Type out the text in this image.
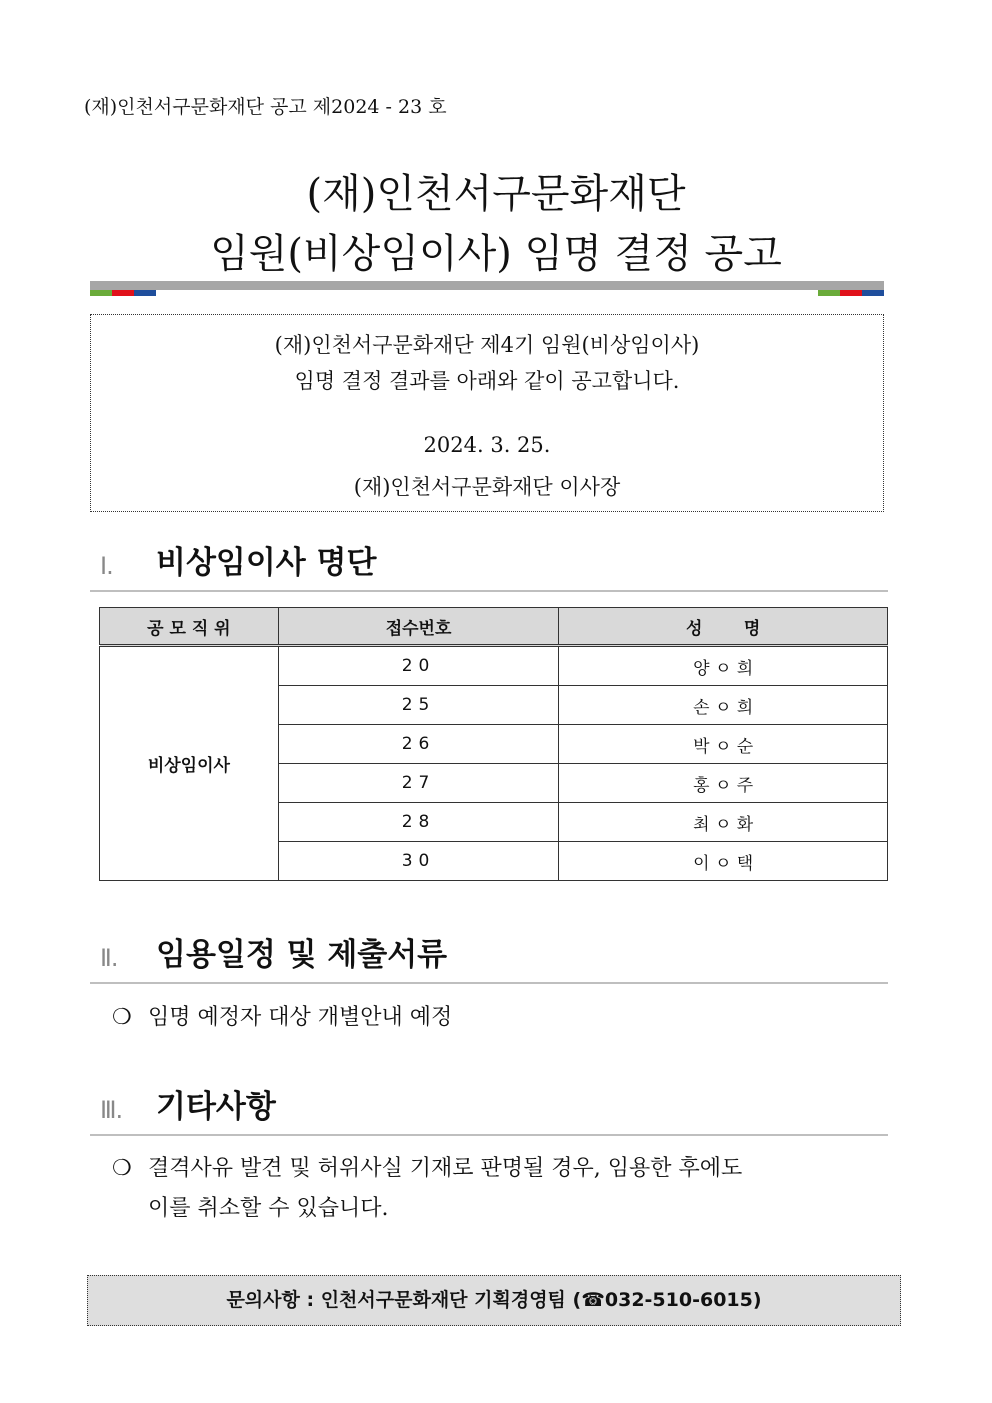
(재)인천서구문화재단 공고 제2024 - 23 호
(재)인천서구문화재단
임원(비상임이사) 임명 결정 공고
(재)인천서구문화재단 제4기 임원(비상임이사)
임명 결정 결과를 아래와 같이 공고합니다.
2024. 3. 25.
(재)인천서구문화재단 이사장
Ⅰ. 비상임이사 명단
공 모 직 위	접수번호	성       명
비상임이사	20	양 ㅇ 희
	25	손 ㅇ 희
	26	박 ㅇ 순
	27	홍 ㅇ 주
	28	최 ㅇ 화
	30	이 ㅇ 택
Ⅱ. 임용일정 및 제출서류
❍ 임명 예정자 대상 개별안내 예정
Ⅲ. 기타사항
❍ 결격사유 발견 및 허위사실 기재로 판명될 경우, 임용한 후에도
이를 취소할 수 있습니다.
문의사항 : 인천서구문화재단 기획경영팀 (☎032-510-6015)
